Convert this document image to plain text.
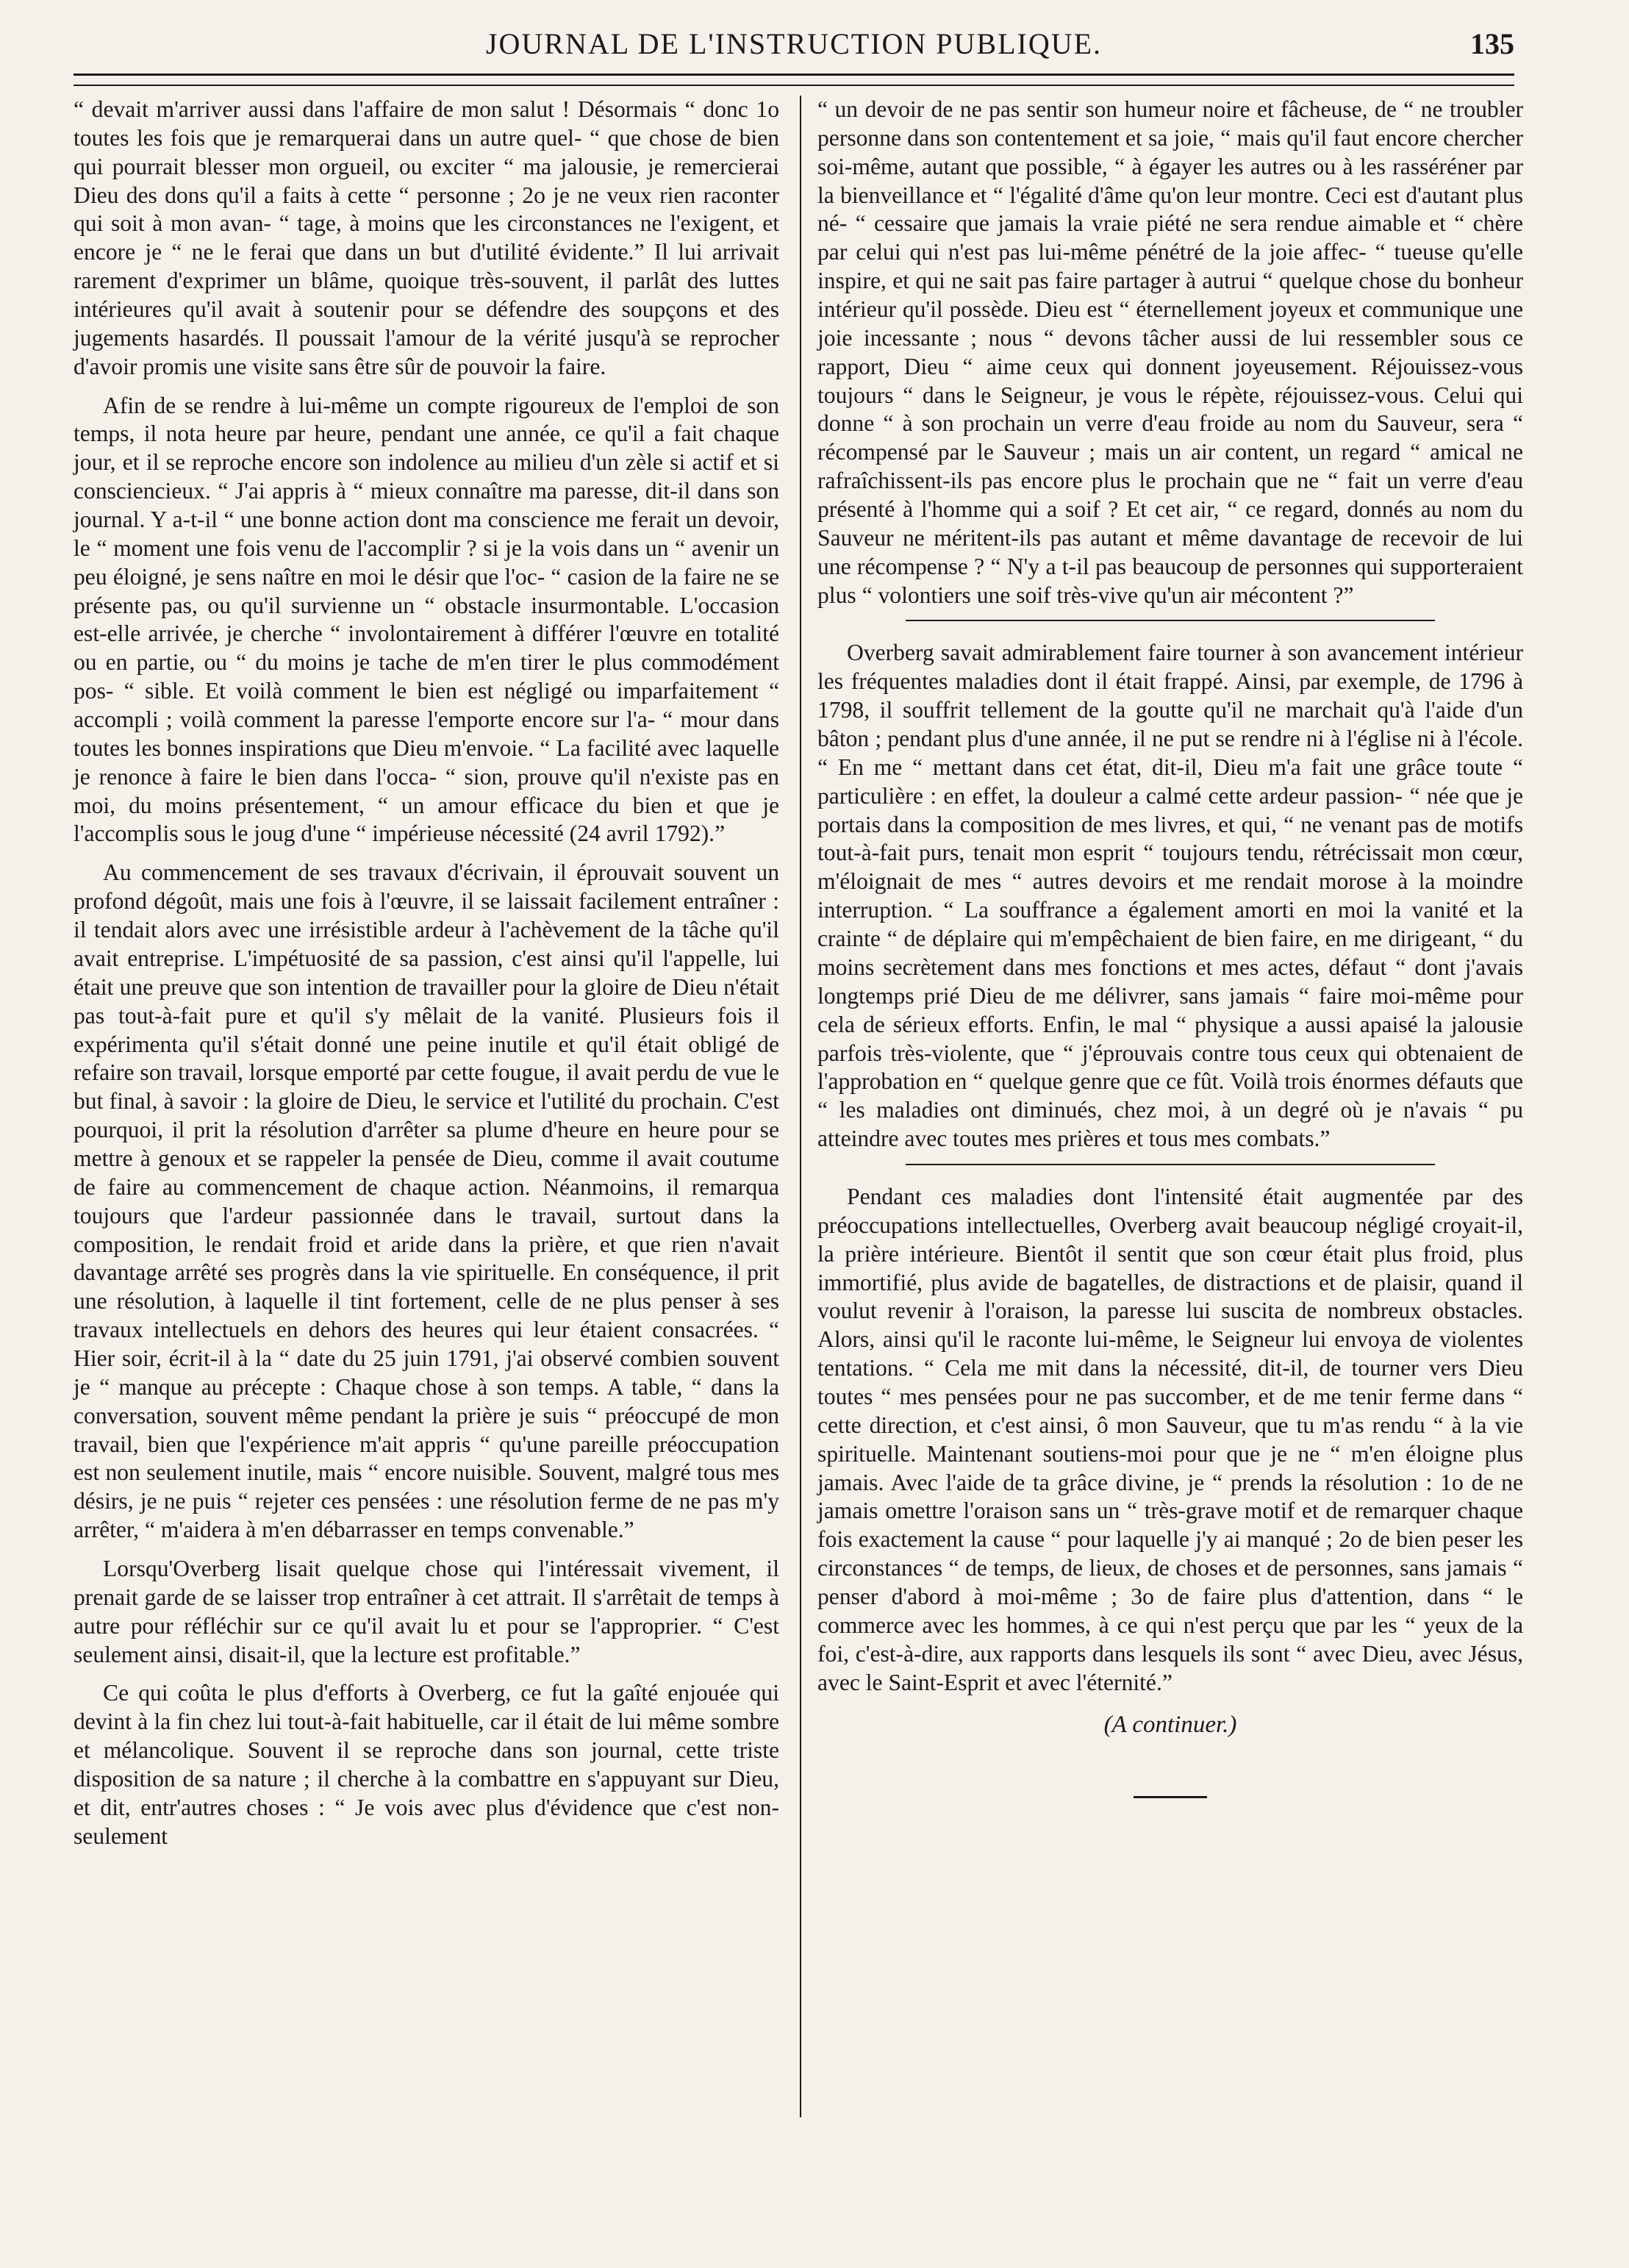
JOURNAL DE L'INSTRUCTION PUBLIQUE.	135

“ devait m'arriver aussi dans l'affaire de mon salut ! Désormais “ donc 1o toutes les fois que je remarquerai dans un autre quel- “ que chose de bien qui pourrait blesser mon orgueil, ou exciter “ ma jalousie, je remercierai Dieu des dons qu'il a faits à cette “ personne ; 2o je ne veux rien raconter qui soit à mon avan- “ tage, à moins que les circonstances ne l'exigent, et encore je “ ne le ferai que dans un but d'utilité évidente.” Il lui arrivait rarement d'exprimer un blâme, quoique très-souvent, il parlât des luttes intérieures qu'il avait à soutenir pour se défendre des soupçons et des jugements hasardés. Il poussait l'amour de la vérité jusqu'à se reprocher d'avoir promis une visite sans être sûr de pouvoir la faire.

Afin de se rendre à lui-même un compte rigoureux de l'emploi de son temps, il nota heure par heure, pendant une année, ce qu'il a fait chaque jour, et il se reproche encore son indolence au milieu d'un zèle si actif et si consciencieux. “ J'ai appris à “ mieux connaître ma paresse, dit-il dans son journal. Y a-t-il “ une bonne action dont ma conscience me ferait un devoir, le “ moment une fois venu de l'accomplir ? si je la vois dans un “ avenir un peu éloigné, je sens naître en moi le désir que l'oc- “ casion de la faire ne se présente pas, ou qu'il survienne un “ obstacle insurmontable. L'occasion est-elle arrivée, je cherche “ involontairement à différer l'œuvre en totalité ou en partie, ou “ du moins je tache de m'en tirer le plus commodément pos- “ sible. Et voilà comment le bien est négligé ou imparfaitement “ accompli ; voilà comment la paresse l'emporte encore sur l'a- “ mour dans toutes les bonnes inspirations que Dieu m'envoie. “ La facilité avec laquelle je renonce à faire le bien dans l'occa- “ sion, prouve qu'il n'existe pas en moi, du moins présentement, “ un amour efficace du bien et que je l'accomplis sous le joug d'une “ impérieuse nécessité (24 avril 1792).”

Au commencement de ses travaux d'écrivain, il éprouvait souvent un profond dégoût, mais une fois à l'œuvre, il se laissait facilement entraîner : il tendait alors avec une irrésistible ardeur à l'achèvement de la tâche qu'il avait entreprise. L'impétuosité de sa passion, c'est ainsi qu'il l'appelle, lui était une preuve que son intention de travailler pour la gloire de Dieu n'était pas tout-à-fait pure et qu'il s'y mêlait de la vanité. Plusieurs fois il expérimenta qu'il s'était donné une peine inutile et qu'il était obligé de refaire son travail, lorsque emporté par cette fougue, il avait perdu de vue le but final, à savoir : la gloire de Dieu, le service et l'utilité du prochain. C'est pourquoi, il prit la résolution d'arrêter sa plume d'heure en heure pour se mettre à genoux et se rappeler la pensée de Dieu, comme il avait coutume de faire au commencement de chaque action. Néanmoins, il remarqua toujours que l'ardeur passionnée dans le travail, surtout dans la composition, le rendait froid et aride dans la prière, et que rien n'avait davantage arrêté ses progrès dans la vie spirituelle. En conséquence, il prit une résolution, à laquelle il tint fortement, celle de ne plus penser à ses travaux intellectuels en dehors des heures qui leur étaient consacrées. “ Hier soir, écrit-il à la “ date du 25 juin 1791, j'ai observé combien souvent je “ manque au précepte : Chaque chose à son temps. A table, “ dans la conversation, souvent même pendant la prière je suis “ préoccupé de mon travail, bien que l'expérience m'ait appris “ qu'une pareille préoccupation est non seulement inutile, mais “ encore nuisible. Souvent, malgré tous mes désirs, je ne puis “ rejeter ces pensées : une résolution ferme de ne pas m'y arrêter, “ m'aidera à m'en débarrasser en temps convenable.”

Lorsqu'Overberg lisait quelque chose qui l'intéressait vivement, il prenait garde de se laisser trop entraîner à cet attrait. Il s'arrêtait de temps à autre pour réfléchir sur ce qu'il avait lu et pour se l'approprier. “ C'est seulement ainsi, disait-il, que la lecture est profitable.”

Ce qui coûta le plus d'efforts à Overberg, ce fut la gaîté enjouée qui devint à la fin chez lui tout-à-fait habituelle, car il était de lui même sombre et mélancolique. Souvent il se reproche dans son journal, cette triste disposition de sa nature ; il cherche à la combattre en s'appuyant sur Dieu, et dit, entr'autres choses : “ Je vois avec plus d'évidence que c'est non-seulement

“ un devoir de ne pas sentir son humeur noire et fâcheuse, de “ ne troubler personne dans son contentement et sa joie, “ mais qu'il faut encore chercher soi-même, autant que possible, “ à égayer les autres ou à les rasséréner par la bienveillance et “ l'égalité d'âme qu'on leur montre. Ceci est d'autant plus né- “ cessaire que jamais la vraie piété ne sera rendue aimable et “ chère par celui qui n'est pas lui-même pénétré de la joie affec- “ tueuse qu'elle inspire, et qui ne sait pas faire partager à autrui “ quelque chose du bonheur intérieur qu'il possède. Dieu est “ éternellement joyeux et communique une joie incessante ; nous “ devons tâcher aussi de lui ressembler sous ce rapport, Dieu “ aime ceux qui donnent joyeusement. Réjouissez-vous toujours “ dans le Seigneur, je vous le répète, réjouissez-vous. Celui qui donne “ à son prochain un verre d'eau froide au nom du Sauveur, sera “ récompensé par le Sauveur ; mais un air content, un regard “ amical ne rafraîchissent-ils pas encore plus le prochain que ne “ fait un verre d'eau présenté à l'homme qui a soif ? Et cet air, “ ce regard, donnés au nom du Sauveur ne méritent-ils pas autant et même davantage de recevoir de lui une récompense ? “ N'y a t-il pas beaucoup de personnes qui supporteraient plus “ volontiers une soif très-vive qu'un air mécontent ?”

Overberg savait admirablement faire tourner à son avancement intérieur les fréquentes maladies dont il était frappé. Ainsi, par exemple, de 1796 à 1798, il souffrit tellement de la goutte qu'il ne marchait qu'à l'aide d'un bâton ; pendant plus d'une année, il ne put se rendre ni à l'église ni à l'école. “ En me “ mettant dans cet état, dit-il, Dieu m'a fait une grâce toute “ particulière : en effet, la douleur a calmé cette ardeur passion- “ née que je portais dans la composition de mes livres, et qui, “ ne venant pas de motifs tout-à-fait purs, tenait mon esprit “ toujours tendu, rétrécissait mon cœur, m'éloignait de mes “ autres devoirs et me rendait morose à la moindre interruption. “ La souffrance a également amorti en moi la vanité et la crainte “ de déplaire qui m'empêchaient de bien faire, en me dirigeant, “ du moins secrètement dans mes fonctions et mes actes, défaut “ dont j'avais longtemps prié Dieu de me délivrer, sans jamais “ faire moi-même pour cela de sérieux efforts. Enfin, le mal “ physique a aussi apaisé la jalousie parfois très-violente, que “ j'éprouvais contre tous ceux qui obtenaient de l'approbation en “ quelque genre que ce fût. Voilà trois énormes défauts que “ les maladies ont diminués, chez moi, à un degré où je n'avais “ pu atteindre avec toutes mes prières et tous mes combats.”

Pendant ces maladies dont l'intensité était augmentée par des préoccupations intellectuelles, Overberg avait beaucoup négligé croyait-il, la prière intérieure. Bientôt il sentit que son cœur était plus froid, plus immortifié, plus avide de bagatelles, de distractions et de plaisir, quand il voulut revenir à l'oraison, la paresse lui suscita de nombreux obstacles. Alors, ainsi qu'il le raconte lui-même, le Seigneur lui envoya de violentes tentations. “ Cela me mit dans la nécessité, dit-il, de tourner vers Dieu toutes “ mes pensées pour ne pas succomber, et de me tenir ferme dans “ cette direction, et c'est ainsi, ô mon Sauveur, que tu m'as rendu “ à la vie spirituelle. Maintenant soutiens-moi pour que je ne “ m'en éloigne plus jamais. Avec l'aide de ta grâce divine, je “ prends la résolution : 1o de ne jamais omettre l'oraison sans un “ très-grave motif et de remarquer chaque fois exactement la cause “ pour laquelle j'y ai manqué ; 2o de bien peser les circonstances “ de temps, de lieux, de choses et de personnes, sans jamais “ penser d'abord à moi-même ; 3o de faire plus d'attention, dans “ le commerce avec les hommes, à ce qui n'est perçu que par les “ yeux de la foi, c'est-à-dire, aux rapports dans lesquels ils sont “ avec Dieu, avec Jésus, avec le Saint-Esprit et avec l'éternité.”

(A continuer.)
